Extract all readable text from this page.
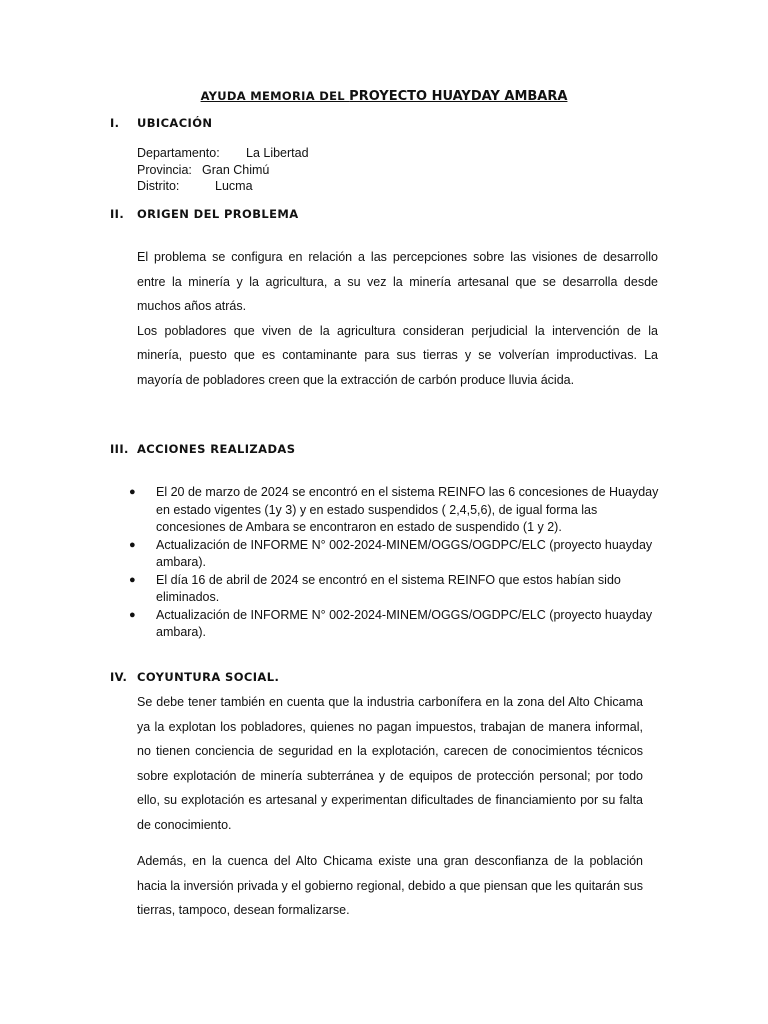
AYUDA MEMORIA DEL PROYECTO HUAYDAY AMBARA
I. UBICACIÓN
Departamento: La Libertad
Provincia: Gran Chimú
Distrito:	Lucma
II. ORIGEN DEL PROBLEMA

El problema se configura en relación a las percepciones sobre las visiones de desarrollo entre la minería y la agricultura, a su vez la minería artesanal que se desarrolla desde muchos años atrás.

Los pobladores que viven de la agricultura consideran perjudicial la intervención de la minería, puesto que es contaminante para sus tierras y se volverían improductivas. La mayoría de pobladores creen que la extracción de carbón produce lluvia ácida.

III. ACCIONES REALIZADAS
● El 20 de marzo de 2024 se encontró en el sistema REINFO las 6 concesiones de Huayday en estado vigentes (1y 3) y en estado suspendidos ( 2,4,5,6), de igual forma las concesiones de Ambara se encontraron en estado de suspendido (1 y 2).
● Actualización de INFORME N° 002-2024-MINEM/OGGS/OGDPC/ELC (proyecto huayday ambara).
● El día 16 de abril de 2024 se encontró en el sistema REINFO que estos habían sido eliminados.
● Actualización de INFORME N° 002-2024-MINEM/OGGS/OGDPC/ELC (proyecto huayday ambara).
IV. COYUNTURA SOCIAL.

Se debe tener también en cuenta que la industria carbonífera en la zona del Alto Chicama ya la explotan los pobladores, quienes no pagan impuestos, trabajan de manera informal, no tienen conciencia de seguridad en la explotación, carecen de conocimientos técnicos sobre explotación de minería subterránea y de equipos de protección personal; por todo ello, su explotación es artesanal y experimentan dificultades de financiamiento por su falta de conocimiento.

Además, en la cuenca del Alto Chicama existe una gran desconfianza de la población hacia la inversión privada y el gobierno regional, debido a que piensan que les quitarán sus tierras, tampoco, desean formalizarse.
